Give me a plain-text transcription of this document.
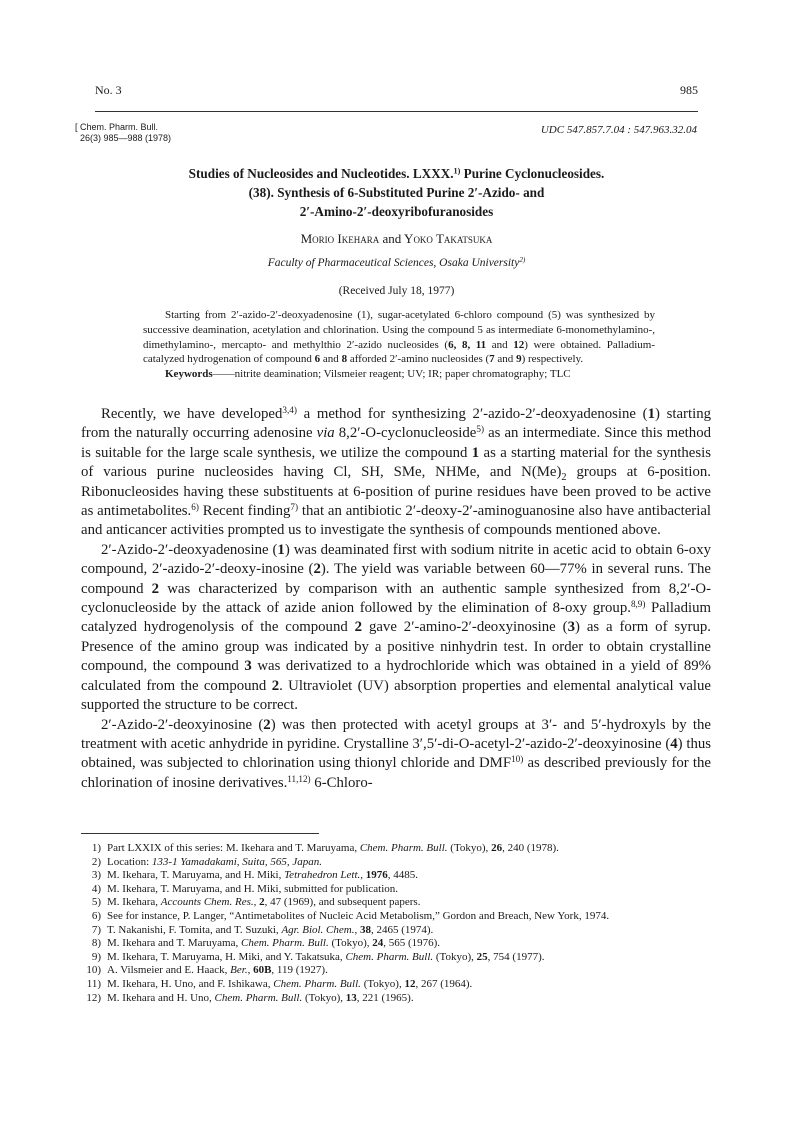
No. 3	985
[ Chem. Pharm. Bull.
26(3) 985—988 (1978)
UDC 547.857.7.04 : 547.963.32.04
Studies of Nucleosides and Nucleotides. LXXX.$^{1)}$ Purine Cyclonucleosides.
(38). Synthesis of 6-Substituted Purine 2′-Azido- and
2′-Amino-2′-deoxyribofuranosides
Morio Ikehara and Yoko Takatsuka
Faculty of Pharmaceutical Sciences, Osaka University$^{2)}$
(Received July 18, 1977)

Starting from 2′-azido-2′-deoxyadenosine (1), sugar-acetylated 6-chloro compound (5) was synthesized by successive deamination, acetylation and chlorination. Using the compound 5 as intermediate 6-monomethylamino-, dimethylamino-, mercapto- and methylthio 2′-azido nucleosides (6, 8, 11 and 12) were obtained. Palladium-catalyzed hydrogenation of compound 6 and 8 afforded 2′-amino nucleosides (7 and 9) respectively.

Keywords——nitrite deamination; Vilsmeier reagent; UV; IR; paper chromatography; TLC

Recently, we have developed$^{3,4)}$ a method for synthesizing 2′-azido-2′-deoxyadenosine (1) starting from the naturally occurring adenosine via 8,2′-O-cyclonucleoside$^{5)}$ as an intermediate. Since this method is suitable for the large scale synthesis, we utilize the compound 1 as a starting material for the synthesis of various purine nucleosides having Cl, SH, SMe, NHMe, and $N(Me)_2$ groups at 6-position. Ribonucleosides having these substituents at 6-position of purine residues have been proved to be active as antimetabolites.$^{6)}$ Recent finding$^{7)}$ that an antibiotic 2′-deoxy-2′-aminoguanosine also have antibacterial and anticancer activities prompted us to investigate the synthesis of compounds mentioned above.

2′-Azido-2′-deoxyadenosine (1) was deaminated first with sodium nitrite in acetic acid to obtain 6-oxy compound, 2′-azido-2′-deoxy-inosine (2). The yield was variable between 60—77% in several runs. The compound 2 was characterized by comparison with an authentic sample synthesized from 8,2′-O-cyclonucleoside by the attack of azide anion followed by the elimination of 8-oxy group.$^{8,9)}$ Palladium catalyzed hydrogenolysis of the compound 2 gave 2′-amino-2′-deoxyinosine (3) as a form of syrup. Presence of the amino group was indicated by a positive ninhydrin test. In order to obtain crystalline compound, the compound 3 was derivatized to a hydrochloride which was obtained in a yield of 89% calculated from the compound 2. Ultraviolet (UV) absorption properties and elemental analytical value supported the structure to be correct.

2′-Azido-2′-deoxyinosine (2) was then protected with acetyl groups at 3′- and 5′-hydroxyls by the treatment with acetic anhydride in pyridine. Crystalline 3′,5′-di-O-acetyl-2′-azido-2′-deoxyinosine (4) thus obtained, was subjected to chlorination using thionyl chloride and DMF$^{10)}$ as described previously for the chlorination of inosine derivatives.$^{11,12)}$ 6-Chloro-

1) Part LXXIX of this series: M. Ikehara and T. Maruyama, Chem. Pharm. Bull. (Tokyo), 26, 240 (1978).
2) Location: 133-1 Yamadakami, Suita, 565, Japan.
3) M. Ikehara, T. Maruyama, and H. Miki, Tetrahedron Lett., 1976, 4485.
4) M. Ikehara, T. Maruyama, and H. Miki, submitted for publication.
5) M. Ikehara, Accounts Chem. Res., 2, 47 (1969), and subsequent papers.
6) See for instance, P. Langer, “Antimetabolites of Nucleic Acid Metabolism,” Gordon and Breach, New York, 1974.
7) T. Nakanishi, F. Tomita, and T. Suzuki, Agr. Biol. Chem., 38, 2465 (1974).
8) M. Ikehara and T. Maruyama, Chem. Pharm. Bull. (Tokyo), 24, 565 (1976).
9) M. Ikehara, T. Maruyama, H. Miki, and Y. Takatsuka, Chem. Pharm. Bull. (Tokyo), 25, 754 (1977).
10) A. Vilsmeier and E. Haack, Ber., 60B, 119 (1927).
11) M. Ikehara, H. Uno, and F. Ishikawa, Chem. Pharm. Bull. (Tokyo), 12, 267 (1964).
12) M. Ikehara and H. Uno, Chem. Pharm. Bull. (Tokyo), 13, 221 (1965).
